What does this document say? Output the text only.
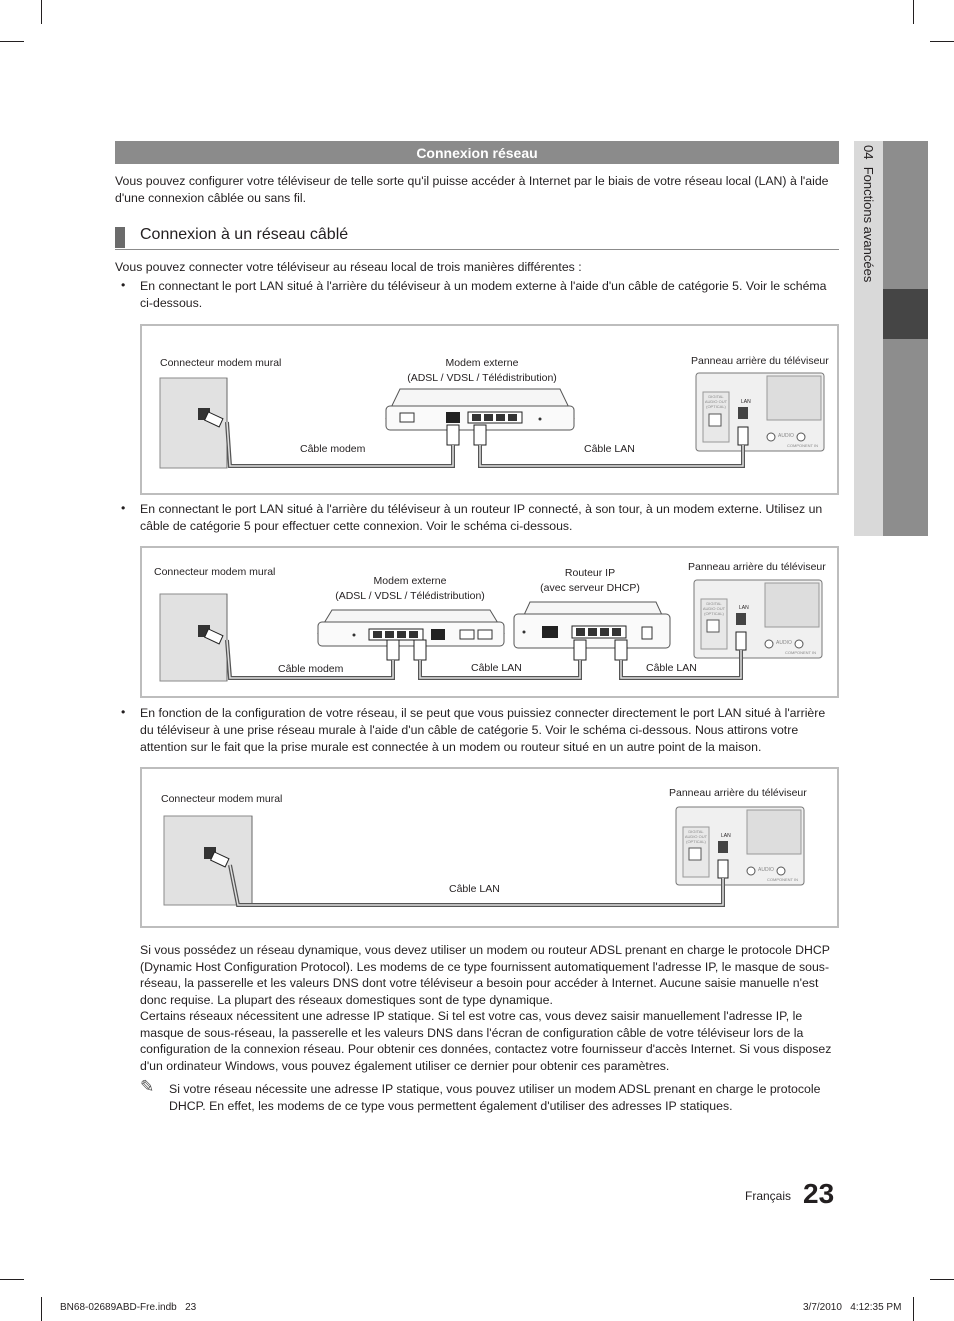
04  Fonctions avancées
Connexion réseau
Vous pouvez configurer votre téléviseur de telle sorte qu'il puisse accéder à Internet par le biais de votre réseau local (LAN) à l'aide d'une connexion câblée ou sans fil.
Connexion à un réseau câblé
Vous pouvez connecter votre téléviseur au réseau local de trois manières différentes :
• En connectant le port LAN situé à l'arrière du téléviseur à un modem externe à l'aide d'un câble de catégorie 5. Voir le schéma ci-dessous.
Connecteur modem mural	Modem externe
(ADSL / VDSL / Télédistribution)
Panneau arrière du téléviseur
Câble modem	Câble LAN
LAN
DIGITAL AUDIO OUT (OPTICAL)
AUDIO
COMPONENT IN
• En connectant le port LAN situé à l'arrière du téléviseur à un routeur IP connecté, à son tour, à un modem externe. Utilisez un câble de catégorie 5 pour effectuer cette connexion. Voir le schéma ci-dessous.
Connecteur modem mural
Modem externe
(ADSL / VDSL / Télédistribution)
Routeur IP
(avec serveur DHCP)
Panneau arrière du téléviseur
Câble modem	Câble LAN	Câble LAN
LAN
DIGITAL AUDIO OUT (OPTICAL)
AUDIO
COMPONENT IN
• En fonction de la configuration de votre réseau, il se peut que vous puissiez connecter directement le port LAN situé à l'arrière du téléviseur à une prise réseau murale à l'aide d'un câble de catégorie 5. Voir le schéma ci-dessous. Nous attirons votre attention sur le fait que la prise murale est connectée à un modem ou routeur situé en un autre point de la maison.
Connecteur modem mural	Panneau arrière du téléviseur
Câble LAN
LAN
DIGITAL AUDIO OUT (OPTICAL)
AUDIO
COMPONENT IN
Si vous possédez un réseau dynamique, vous devez utiliser un modem ou routeur ADSL prenant en charge le protocole DHCP (Dynamic Host Configuration Protocol). Les modems de ce type fournissent automatiquement l'adresse IP, le masque de sous-réseau, la passerelle et les valeurs DNS dont votre téléviseur a besoin pour accéder à Internet. Aucune saisie manuelle n'est donc requise. La plupart des réseaux domestiques sont de type dynamique.
Certains réseaux nécessitent une adresse IP statique. Si tel est votre cas, vous devez saisir manuellement l'adresse IP, le masque de sous-réseau, la passerelle et les valeurs DNS dans l'écran de configuration câble de votre téléviseur lors de la configuration de la connexion réseau. Pour obtenir ces données, contactez votre fournisseur d'accès Internet. Si vous disposez d'un ordinateur Windows, vous pouvez également utiliser ce dernier pour obtenir ces paramètres.
✎ Si votre réseau nécessite une adresse IP statique, vous pouvez utiliser un modem ADSL prenant en charge le protocole DHCP. En effet, les modems de ce type vous permettent également d'utiliser des adresses IP statiques.
Français 23
BN68-02689ABD-Fre.indb   23	3/7/2010   4:12:35 PM
